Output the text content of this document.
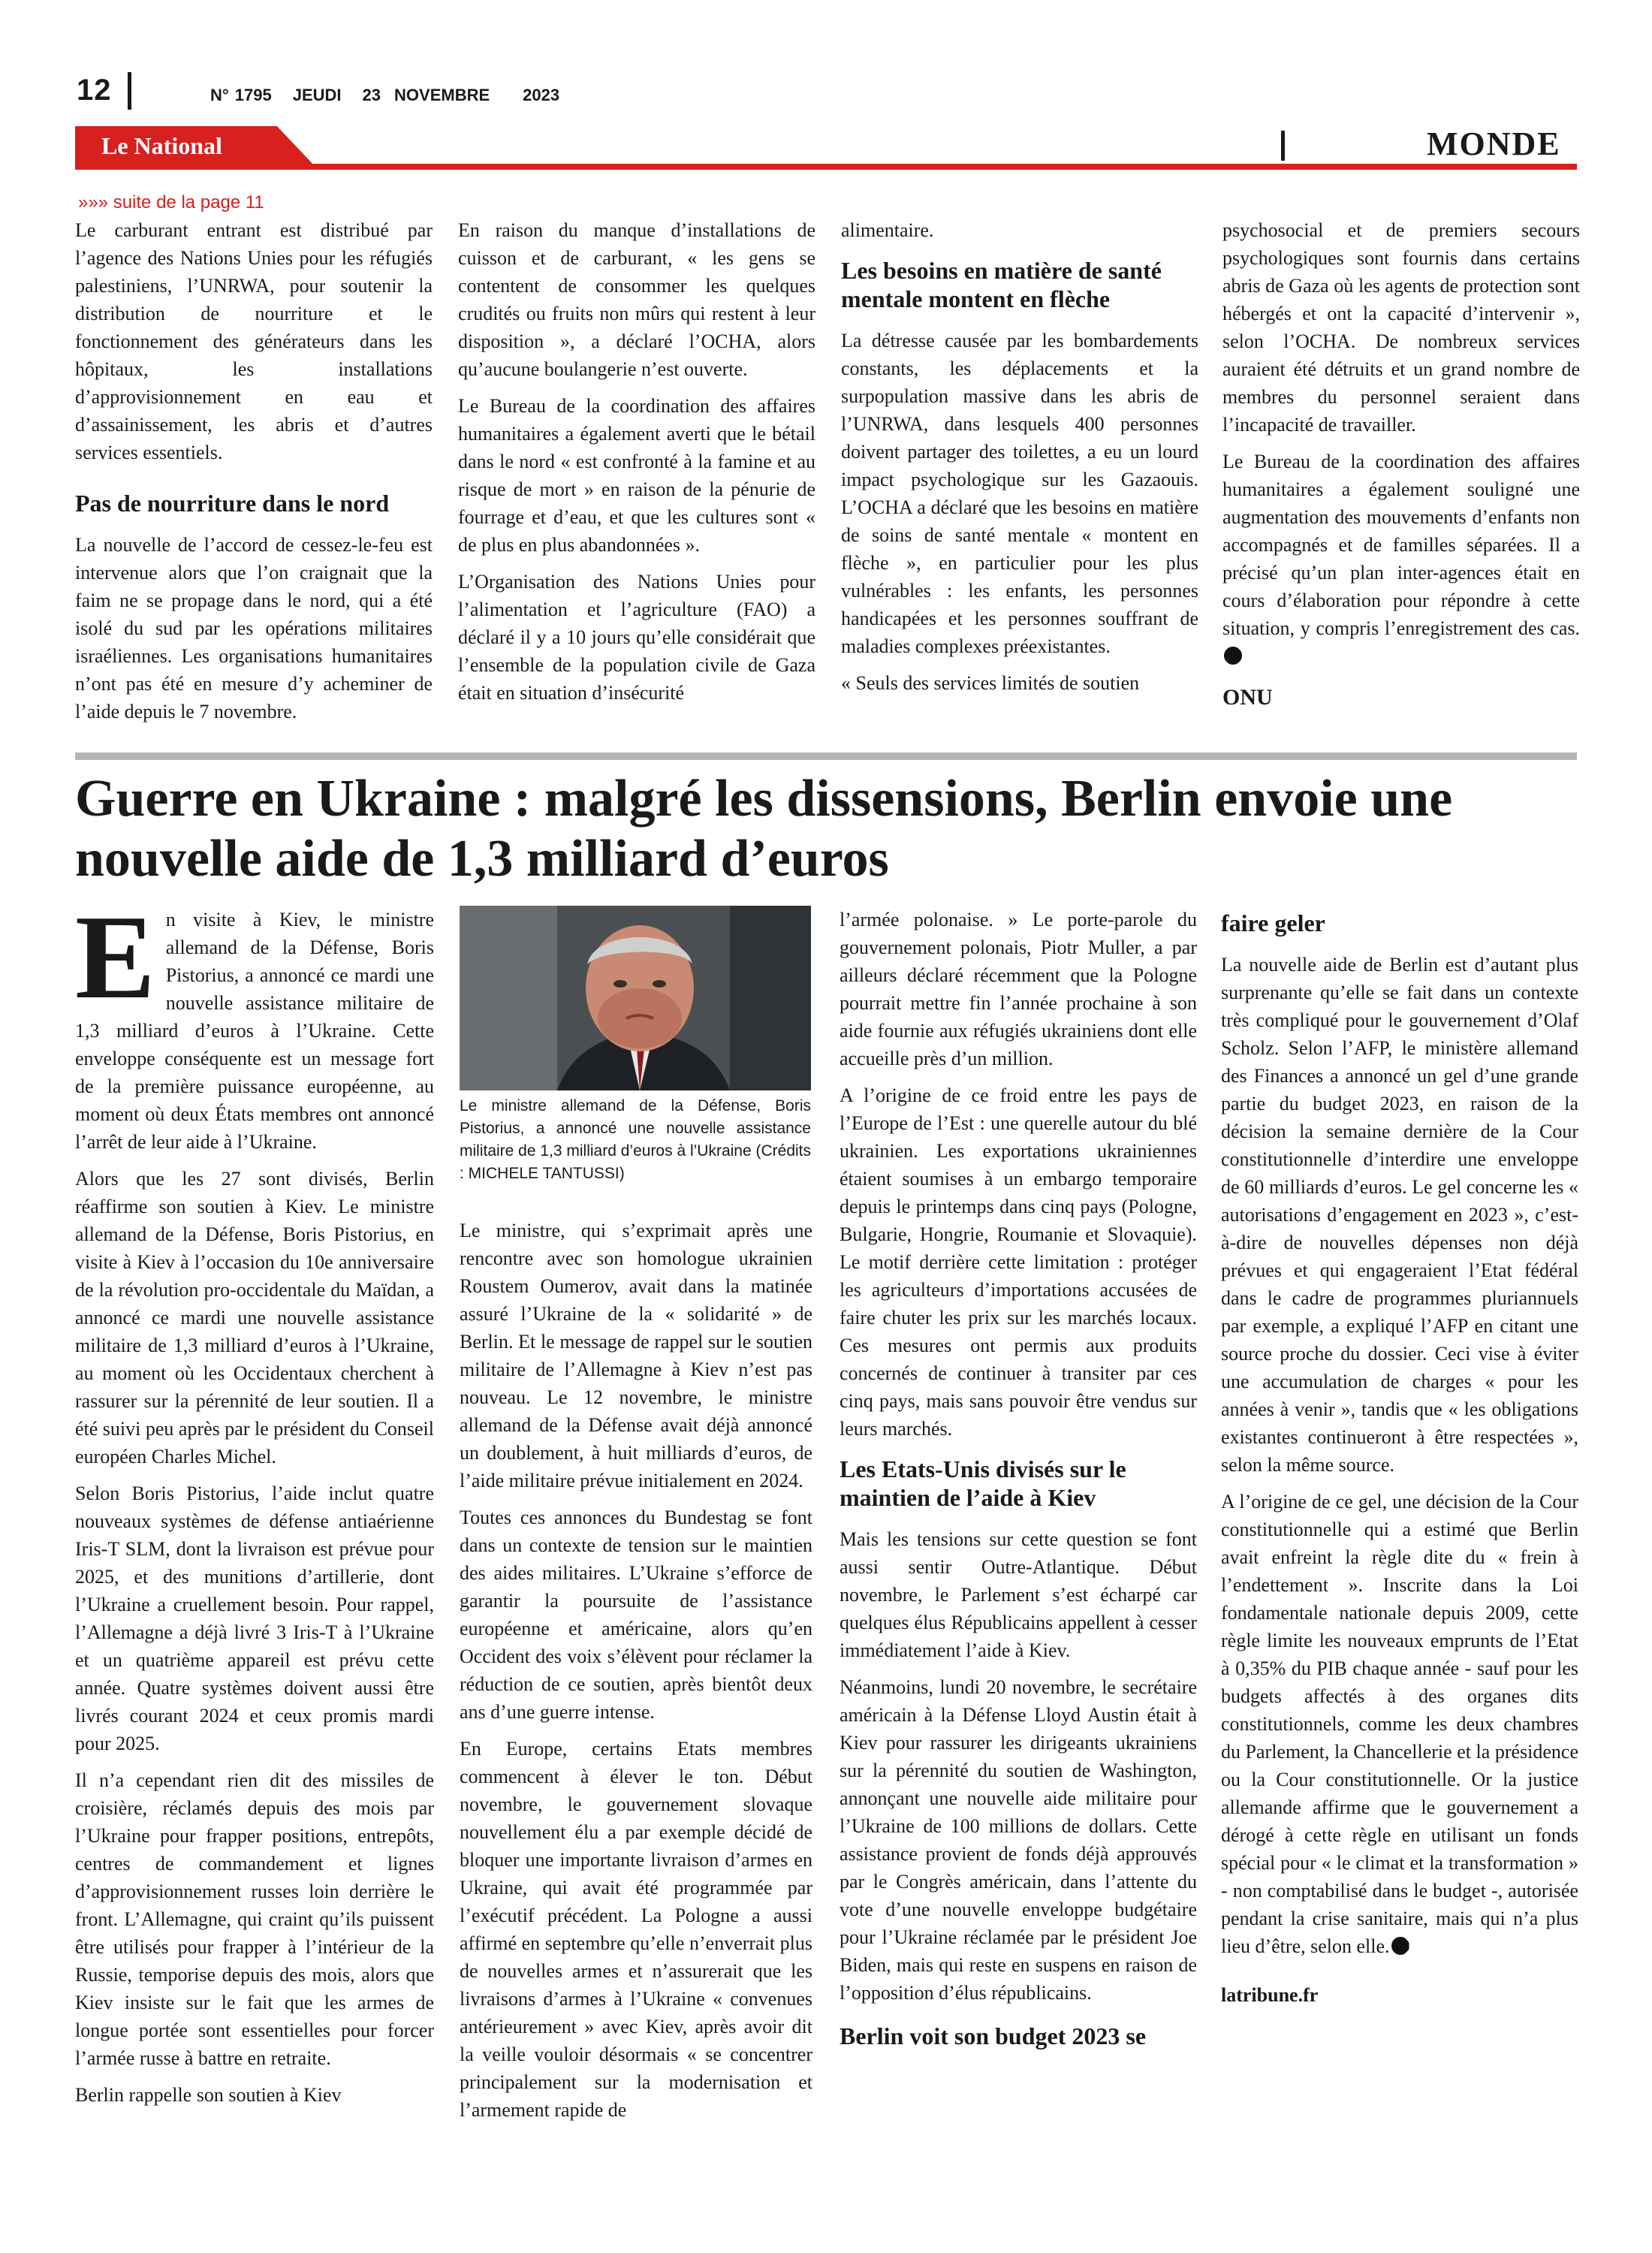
12	N° 1795 JEUDI 23 NOVEMBRE 2023
Le National	MONDE
»»» suite de la page 11

Le carburant entrant est distribué par l’agence des Nations Unies pour les réfugiés palestiniens, l’UNRWA, pour soutenir la distribution de nourriture et le fonctionnement des générateurs dans les hôpitaux, les installations d’approvisionnement en eau et d’assainissement, les abris et d’autres services essentiels.

Pas de nourriture dans le nord

La nouvelle de l’accord de cessez-le-feu est intervenue alors que l’on craignait que la faim ne se propage dans le nord, qui a été isolé du sud par les opérations militaires israéliennes. Les organisations humanitaires n’ont pas été en mesure d’y acheminer de l’aide depuis le 7 novembre.

En raison du manque d’installations de cuisson et de carburant, « les gens se contentent de consommer les quelques crudités ou fruits non mûrs qui restent à leur disposition », a déclaré l’OCHA, alors qu’aucune boulangerie n’est ouverte.

Le Bureau de la coordination des affaires humanitaires a également averti que le bétail dans le nord « est confronté à la famine et au risque de mort » en raison de la pénurie de fourrage et d’eau, et que les cultures sont « de plus en plus abandonnées ».

L’Organisation des Nations Unies pour l’alimentation et l’agriculture (FAO) a déclaré il y a 10 jours qu’elle considérait que l’ensemble de la population civile de Gaza était en situation d’insécurité

alimentaire.

Les besoins en matière de santé mentale montent en flèche

La détresse causée par les bombardements constants, les déplacements et la surpopulation massive dans les abris de l’UNRWA, dans lesquels 400 personnes doivent partager des toilettes, a eu un lourd impact psychologique sur les Gazaouis. L’OCHA a déclaré que les besoins en matière de soins de santé mentale « montent en flèche », en particulier pour les plus vulnérables : les enfants, les personnes handicapées et les personnes souffrant de maladies complexes préexistantes.

« Seuls des services limités de soutien

psychosocial et de premiers secours psychologiques sont fournis dans certains abris de Gaza où les agents de protection sont hébergés et ont la capacité d’intervenir », selon l’OCHA. De nombreux services auraient été détruits et un grand nombre de membres du personnel seraient dans l’incapacité de travailler.

Le Bureau de la coordination des affaires humanitaires a également souligné une augmentation des mouvements d’enfants non accompagnés et de familles séparées. Il a précisé qu’un plan inter-agences était en cours d’élaboration pour répondre à cette situation, y compris l’enregistrement des cas.

ONU
Guerre en Ukraine : malgré les dissensions, Berlin envoie une nouvelle aide de 1,3 milliard d’euros

En visite à Kiev, le ministre allemand de la Défense, Boris Pistorius, a annoncé ce mardi une nouvelle assistance militaire de 1,3 milliard d’euros à l’Ukraine. Cette enveloppe conséquente est un message fort de la première puissance européenne, au moment où deux États membres ont annoncé l’arrêt de leur aide à l’Ukraine.

Alors que les 27 sont divisés, Berlin réaffirme son soutien à Kiev. Le ministre allemand de la Défense, Boris Pistorius, en visite à Kiev à l’occasion du 10e anniversaire de la révolution pro-occidentale du Maïdan, a annoncé ce mardi une nouvelle assistance militaire de 1,3 milliard d’euros à l’Ukraine, au moment où les Occidentaux cherchent à rassurer sur la pérennité de leur soutien. Il a été suivi peu après par le président du Conseil européen Charles Michel.

Selon Boris Pistorius, l’aide inclut quatre nouveaux systèmes de défense antiaérienne Iris-T SLM, dont la livraison est prévue pour 2025, et des munitions d’artillerie, dont l’Ukraine a cruellement besoin. Pour rappel, l’Allemagne a déjà livré 3 Iris-T à l’Ukraine et un quatrième appareil est prévu cette année. Quatre systèmes doivent aussi être livrés courant 2024 et ceux promis mardi pour 2025.

Il n’a cependant rien dit des missiles de croisière, réclamés depuis des mois par l’Ukraine pour frapper positions, entrepôts, centres de commandement et lignes d’approvisionnement russes loin derrière le front. L’Allemagne, qui craint qu’ils puissent être utilisés pour frapper à l’intérieur de la Russie, temporise depuis des mois, alors que Kiev insiste sur le fait que les armes de longue portée sont essentielles pour forcer l’armée russe à battre en retraite.

Berlin rappelle son soutien à Kiev

Le ministre allemand de la Défense, Boris Pistorius, a annoncé une nouvelle assistance militaire de 1,3 milliard d’euros à l’Ukraine (Crédits : MICHELE TANTUSSI)

Le ministre, qui s’exprimait après une rencontre avec son homologue ukrainien Roustem Oumerov, avait dans la matinée assuré l’Ukraine de la « solidarité » de Berlin. Et le message de rappel sur le soutien militaire de l’Allemagne à Kiev n’est pas nouveau. Le 12 novembre, le ministre allemand de la Défense avait déjà annoncé un doublement, à huit milliards d’euros, de l’aide militaire prévue initialement en 2024.

Toutes ces annonces du Bundestag se font dans un contexte de tension sur le maintien des aides militaires. L’Ukraine s’efforce de garantir la poursuite de l’assistance européenne et américaine, alors qu’en Occident des voix s’élèvent pour réclamer la réduction de ce soutien, après bientôt deux ans d’une guerre intense.

En Europe, certains Etats membres commencent à élever le ton. Début novembre, le gouvernement slovaque nouvellement élu a par exemple décidé de bloquer une importante livraison d’armes en Ukraine, qui avait été programmée par l’exécutif précédent. La Pologne a aussi affirmé en septembre qu’elle n’enverrait plus de nouvelles armes et n’assurerait que les livraisons d’armes à l’Ukraine « convenues antérieurement » avec Kiev, après avoir dit la veille vouloir désormais « se concentrer principalement sur la modernisation et l’armement rapide de

l’armée polonaise. » Le porte-parole du gouvernement polonais, Piotr Muller, a par ailleurs déclaré récemment que la Pologne pourrait mettre fin l’année prochaine à son aide fournie aux réfugiés ukrainiens dont elle accueille près d’un million.

A l’origine de ce froid entre les pays de l’Europe de l’Est : une querelle autour du blé ukrainien. Les exportations ukrainiennes étaient soumises à un embargo temporaire depuis le printemps dans cinq pays (Pologne, Bulgarie, Hongrie, Roumanie et Slovaquie). Le motif derrière cette limitation : protéger les agriculteurs d’importations accusées de faire chuter les prix sur les marchés locaux. Ces mesures ont permis aux produits concernés de continuer à transiter par ces cinq pays, mais sans pouvoir être vendus sur leurs marchés.

Les Etats-Unis divisés sur le maintien de l’aide à Kiev

Mais les tensions sur cette question se font aussi sentir Outre-Atlantique. Début novembre, le Parlement s’est écharpé car quelques élus Républicains appellent à cesser immédiatement l’aide à Kiev.

Néanmoins, lundi 20 novembre, le secrétaire américain à la Défense Lloyd Austin était à Kiev pour rassurer les dirigeants ukrainiens sur la pérennité du soutien de Washington, annonçant une nouvelle aide militaire pour l’Ukraine de 100 millions de dollars. Cette assistance provient de fonds déjà approuvés par le Congrès américain, dans l’attente du vote d’une nouvelle enveloppe budgétaire pour l’Ukraine réclamée par le président Joe Biden, mais qui reste en suspens en raison de l’opposition d’élus républicains.

Berlin voit son budget 2023 se
faire geler

La nouvelle aide de Berlin est d’autant plus surprenante qu’elle se fait dans un contexte très compliqué pour le gouvernement d’Olaf Scholz. Selon l’AFP, le ministère allemand des Finances a annoncé un gel d’une grande partie du budget 2023, en raison de la décision la semaine dernière de la Cour constitutionnelle d’interdire une enveloppe de 60 milliards d’euros. Le gel concerne les « autorisations d’engagement en 2023 », c’est-à-dire de nouvelles dépenses non déjà prévues et qui engageraient l’Etat fédéral dans le cadre de programmes pluriannuels par exemple, a expliqué l’AFP en citant une source proche du dossier. Ceci vise à éviter une accumulation de charges « pour les années à venir », tandis que « les obligations existantes continueront à être respectées », selon la même source.

A l’origine de ce gel, une décision de la Cour constitutionnelle qui a estimé que Berlin avait enfreint la règle dite du « frein à l’endettement ». Inscrite dans la Loi fondamentale nationale depuis 2009, cette règle limite les nouveaux emprunts de l’Etat à 0,35% du PIB chaque année - sauf pour les budgets affectés à des organes dits constitutionnels, comme les deux chambres du Parlement, la Chancellerie et la présidence ou la Cour constitutionnelle. Or la justice allemande affirme que le gouvernement a dérogé à cette règle en utilisant un fonds spécial pour « le climat et la transformation » - non comptabilisé dans le budget -, autorisée pendant la crise sanitaire, mais qui n’a plus lieu d’être, selon elle.

latribune.fr
